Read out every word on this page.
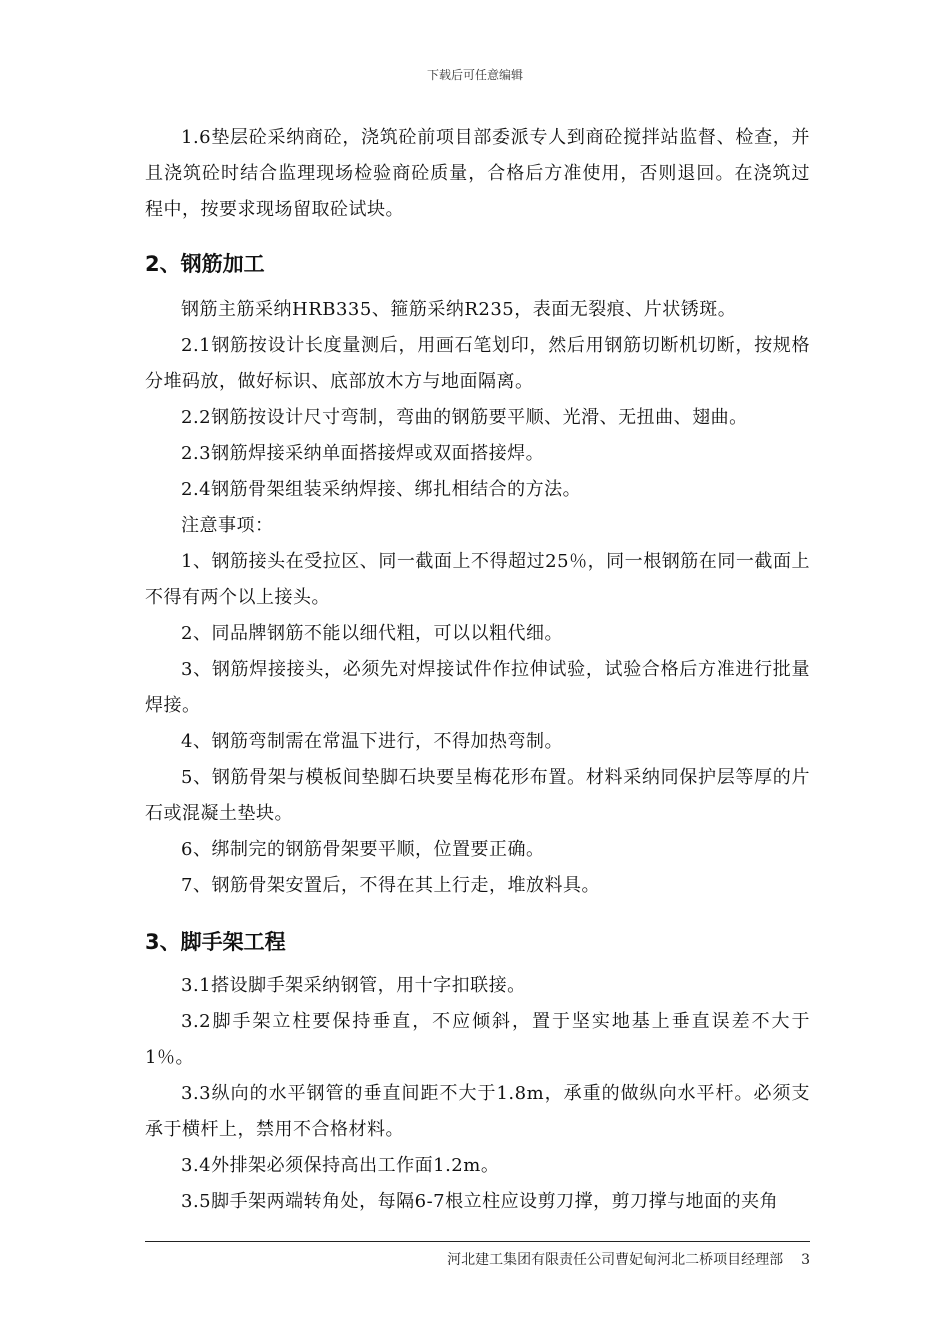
下载后可任意编辑

1.6垫层砼采纳商砼，浇筑砼前项目部委派专人到商砼搅拌站监督、检查，并且浇筑砼时结合监理现场检验商砼质量，合格后方准使用，否则退回。在浇筑过程中，按要求现场留取砼试块。

2、钢筋加工

钢筋主筋采纳HRB335、箍筋采纳R235，表面无裂痕、片状锈斑。

2.1钢筋按设计长度量测后，用画石笔划印，然后用钢筋切断机切断，按规格分堆码放，做好标识、底部放木方与地面隔离。

2.2钢筋按设计尺寸弯制，弯曲的钢筋要平顺、光滑、无扭曲、翅曲。

2.3钢筋焊接采纳单面搭接焊或双面搭接焊。

2.4钢筋骨架组装采纳焊接、绑扎相结合的方法。

注意事项：

1、钢筋接头在受拉区、同一截面上不得超过25％，同一根钢筋在同一截面上不得有两个以上接头。

2、同品牌钢筋不能以细代粗，可以以粗代细。

3、钢筋焊接接头，必须先对焊接试件作拉伸试验，试验合格后方准进行批量焊接。

4、钢筋弯制需在常温下进行，不得加热弯制。

5、钢筋骨架与模板间垫脚石块要呈梅花形布置。材料采纳同保护层等厚的片石或混凝土垫块。

6、绑制完的钢筋骨架要平顺，位置要正确。

7、钢筋骨架安置后，不得在其上行走，堆放料具。

3、脚手架工程

3.1搭设脚手架采纳钢管，用十字扣联接。

3.2脚手架立柱要保持垂直，不应倾斜，置于坚实地基上垂直误差不大于1％。

3.3纵向的水平钢管的垂直间距不大于1.8m，承重的做纵向水平杆。必须支承于横杆上，禁用不合格材料。

3.4外排架必须保持高出工作面1.2m。

3.5脚手架两端转角处，每隔6-7根立柱应设剪刀撑，剪刀撑与地面的夹角

河北建工集团有限责任公司曹妃甸河北二桥项目经理部 3
